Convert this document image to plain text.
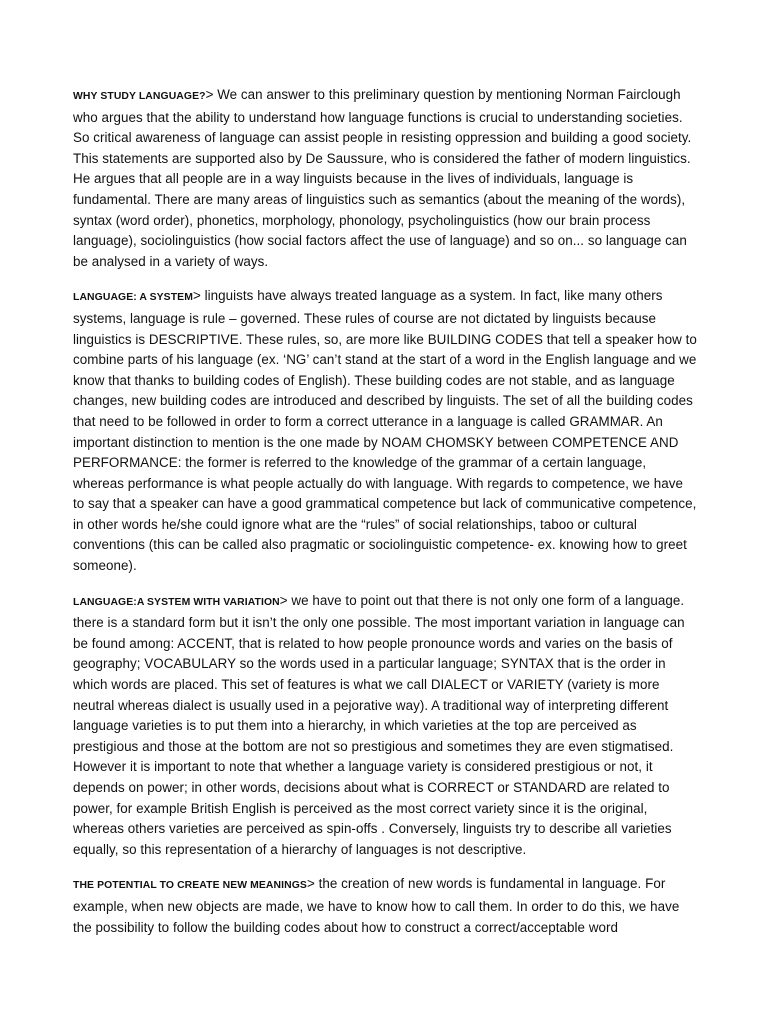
WHY STUDY LANGUAGE?> We can answer to this preliminary question by mentioning Norman Fairclough who argues that the ability to understand how language functions is crucial to understanding societies. So critical awareness of language can assist people in resisting oppression and building a good society. This statements are supported also by De Saussure, who is considered the father of modern linguistics. He argues that all people are in a way linguists because in the lives of individuals, language is fundamental. There are many areas of linguistics such as semantics (about the meaning of the words), syntax (word order), phonetics, morphology, phonology, psycholinguistics (how our brain process language), sociolinguistics (how social factors affect the use of language) and so on... so language can be analysed in a variety of ways.

LANGUAGE: A SYSTEM> linguists have always treated language as a system. In fact, like many others systems, language is rule – governed. These rules of course are not dictated by linguists because linguistics is DESCRIPTIVE. These rules, so, are more like BUILDING CODES that tell a speaker how to combine parts of his language (ex. ‘NG’ can’t stand at the start of a word in the English language and we know that thanks to building codes of English). These building codes are not stable, and as language changes, new building codes are introduced and described by linguists. The set of all the building codes that need to be followed in order to form a correct utterance in a language is called GRAMMAR. An important distinction to mention is the one made by NOAM CHOMSKY between COMPETENCE AND PERFORMANCE: the former is referred to the knowledge of the grammar of a certain language, whereas performance is what people actually do with language. With regards to competence, we have to say that a speaker can have a good grammatical competence but lack of communicative competence, in other words he/she could ignore what are the “rules” of social relationships, taboo or cultural conventions (this can be called also pragmatic or sociolinguistic competence- ex. knowing how to greet someone).

LANGUAGE:A SYSTEM WITH VARIATION> we have to point out that there is not only one form of a language. there is a standard form but it isn’t the only one possible. The most important variation in language can be found among: ACCENT, that is related to how people pronounce words and varies on the basis of geography; VOCABULARY so the words used in a particular language; SYNTAX that is the order in which words are placed. This set of features is what we call DIALECT or VARIETY (variety is more neutral whereas dialect is usually used in a pejorative way). A traditional way of interpreting different language varieties is to put them into a hierarchy, in which varieties at the top are perceived as prestigious and those at the bottom are not so prestigious and sometimes they are even stigmatised. However it is important to note that whether a language variety is considered prestigious or not, it depends on power; in other words, decisions about what is CORRECT or STANDARD are related to power, for example British English is perceived as the most correct variety since it is the original, whereas others varieties are perceived as spin-offs . Conversely, linguists try to describe all varieties equally, so this representation of a hierarchy of languages is not descriptive.

THE POTENTIAL TO CREATE NEW MEANINGS> the creation of new words is fundamental in language. For example, when new objects are made, we have to know how to call them. In order to do this, we have the possibility to follow the building codes about how to construct a correct/acceptable word
